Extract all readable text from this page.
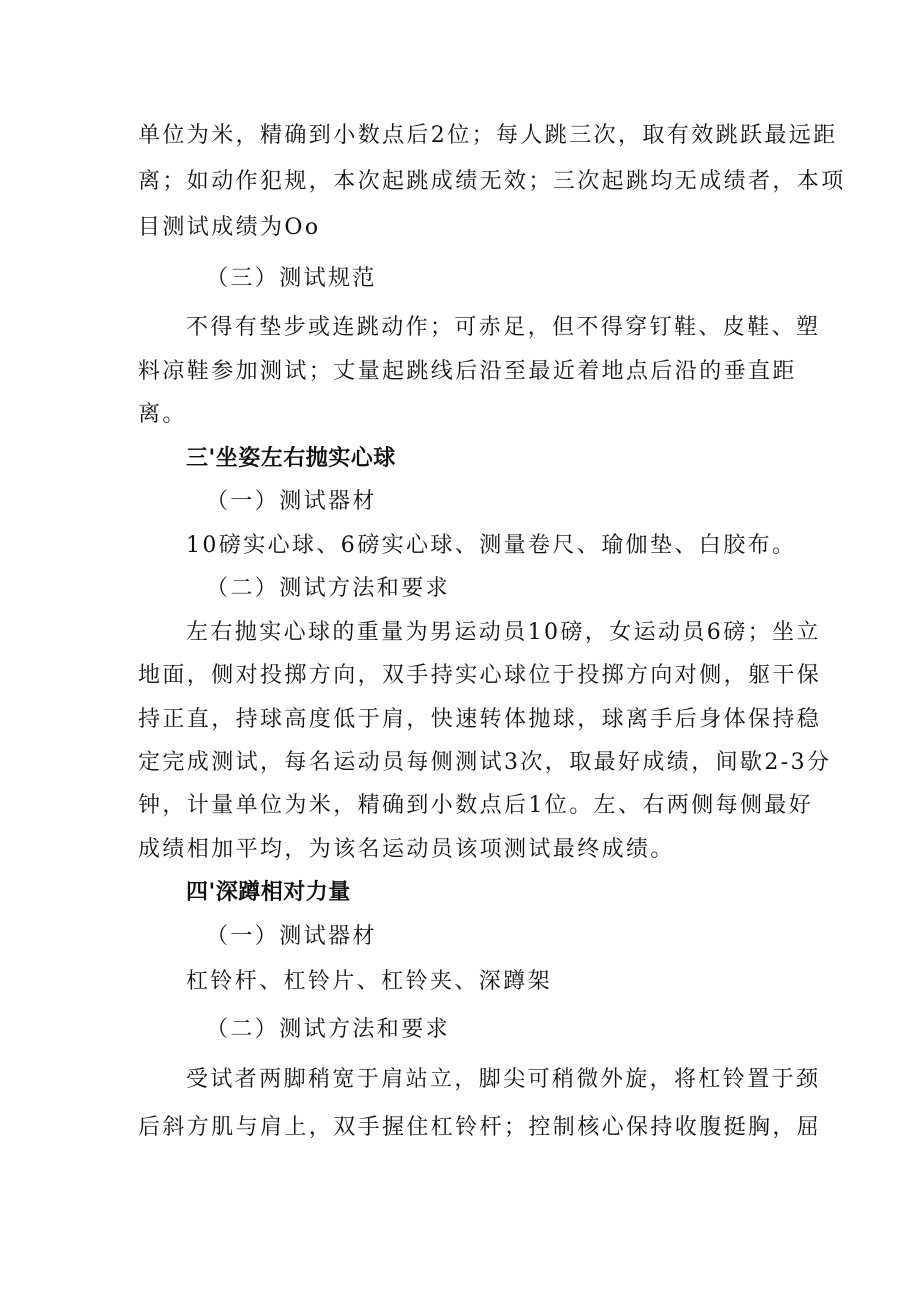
单位为米，精确到小数点后2位；每人跳三次，取有效跳跃最远距
离；如动作犯规，本次起跳成绩无效；三次起跳均无成绩者，本项
目测试成绩为Oo
（三）测试规范
不得有垫步或连跳动作；可赤足，但不得穿钉鞋、皮鞋、塑
料凉鞋参加测试；丈量起跳线后沿至最近着地点后沿的垂直距
离。
三'坐姿左右抛实心球
（一）测试器材
10磅实心球、6磅实心球、测量卷尺、瑜伽垫、白胶布。
（二）测试方法和要求
左右抛实心球的重量为男运动员10磅，女运动员6磅；坐立
地面，侧对投掷方向，双手持实心球位于投掷方向对侧，躯干保
持正直，持球高度低于肩，快速转体抛球，球离手后身体保持稳
定完成测试，每名运动员每侧测试3次，取最好成绩，间歇2-3分
钟，计量单位为米，精确到小数点后1位。左、右两侧每侧最好
成绩相加平均，为该名运动员该项测试最终成绩。
四'深蹲相对力量
（一）测试器材
杠铃杆、杠铃片、杠铃夹、深蹲架
（二）测试方法和要求
受试者两脚稍宽于肩站立，脚尖可稍微外旋，将杠铃置于颈
后斜方肌与肩上，双手握住杠铃杆；控制核心保持收腹挺胸，屈
